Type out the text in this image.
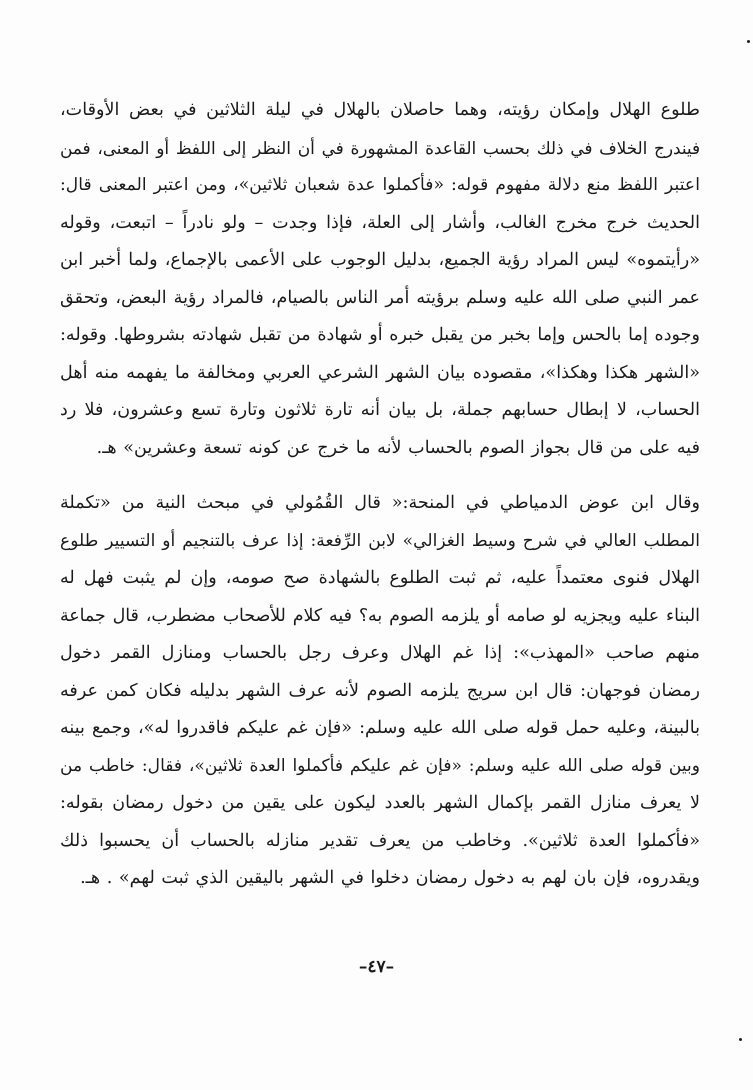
طلوع الهلال وإمكان رؤيته، وهما حاصلان بالهلال في ليلة الثلاثين في بعض الأوقات،
فيندرج الخلاف في ذلك بحسب القاعدة المشهورة في أن النظر إلى اللفظ أو المعنى، فمن
اعتبر اللفظ منع دلالة مفهوم قوله: «فأكملوا عدة شعبان ثلاثين»، ومن اعتبر المعنى قال:
الحديث خرج مخرج الغالب، وأشار إلى العلة، فإذا وجدت – ولو نادراً – اتبعت، وقوله
«رأيتموه» ليس المراد رؤية الجميع، بدليل الوجوب على الأعمى بالإجماع، ولما أخبر ابن
عمر النبي صلى الله عليه وسلم برؤيته أمر الناس بالصيام، فالمراد رؤية البعض، وتحقق
وجوده إما بالحس وإما بخبر من يقبل خبره أو شهادة من تقبل شهادته بشروطها. وقوله:
«الشهر هكذا وهكذا»، مقصوده بيان الشهر الشرعي العربي ومخالفة ما يفهمه منه أهل
الحساب، لا إبطال حسابهم جملة، بل بيان أنه تارة ثلاثون وتارة تسع وعشرون، فلا رد
فيه على من قال بجواز الصوم بالحساب لأنه ما خرج عن كونه تسعة وعشرين» هـ.
وقال ابن عوض الدمياطي في المنحة:« قال القُمُولي في مبحث النية من «تكملة
المطلب العالي في شرح وسيط الغزالي» لابن الرِّفعة: إذا عرف بالتنجيم أو التسيير طلوع
الهلال فنوى معتمداً عليه، ثم ثبت الطلوع بالشهادة صح صومه، وإن لم يثبت فهل له
البناء عليه ويجزيه لو صامه أو يلزمه الصوم به؟ فيه كلام للأصحاب مضطرب، قال جماعة
منهم صاحب «المهذب»: إذا غم الهلال وعرف رجل بالحساب ومنازل القمر دخول
رمضان فوجهان: قال ابن سريج يلزمه الصوم لأنه عرف الشهر بدليله فكان كمن عرفه
بالبينة، وعليه حمل قوله صلى الله عليه وسلم: «فإن غم عليكم فاقدروا له»، وجمع بينه
وبين قوله صلى الله عليه وسلم: «فإن غم عليكم فأكملوا العدة ثلاثين»، فقال: خاطب من
لا يعرف منازل القمر بإكمال الشهر بالعدد ليكون على يقين من دخول رمضان بقوله:
«فأكملوا العدة ثلاثين». وخاطب من يعرف تقدير منازله بالحساب أن يحسبوا ذلك
ويقدروه، فإن بان لهم به دخول رمضان دخلوا في الشهر باليقين الذي ثبت لهم» . هـ.
–٤٧–
